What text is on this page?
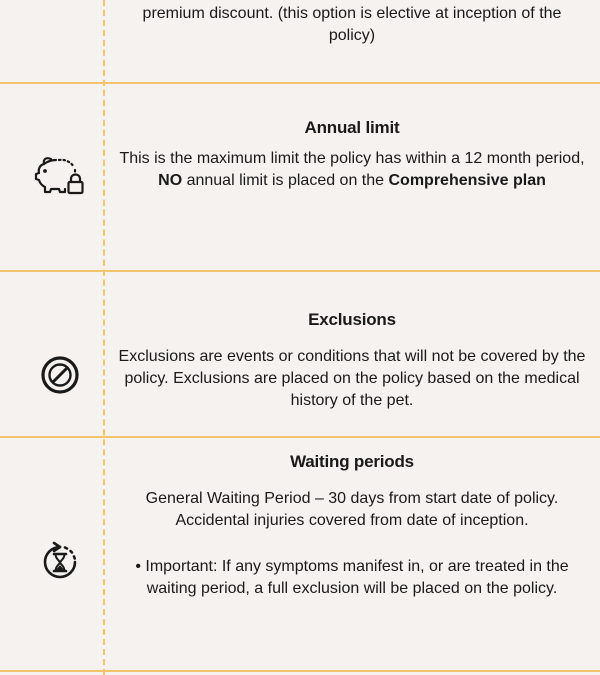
premium discount. (this option is elective at inception of the
policy)
Annual limit
This is the maximum limit the policy has within a 12 month period, NO annual limit is placed on the Comprehensive plan
Exclusions
Exclusions are events or conditions that will not be covered by the policy. Exclusions are placed on the policy based on the medical history of the pet.
Waiting periods
General Waiting Period – 30 days from start date of policy. Accidental injuries covered from date of inception.
• Important: If any symptoms manifest in, or are treated in the waiting period, a full exclusion will be placed on the policy.
